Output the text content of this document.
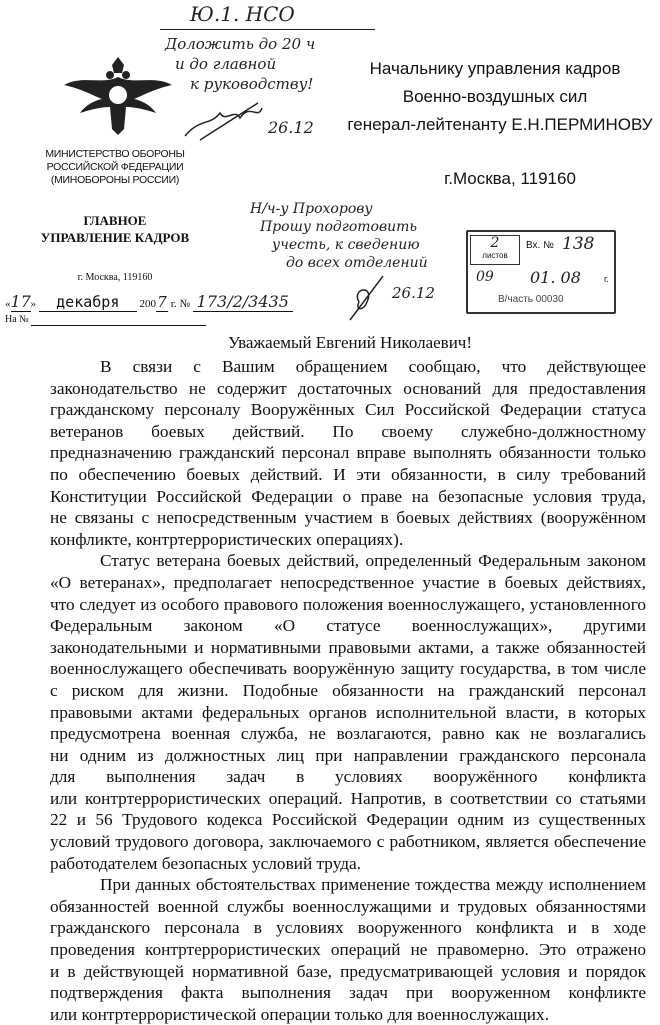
МИНИСТЕРСТВО ОБОРОНЫ
РОССИЙСКОЙ ФЕДЕРАЦИИ
(МИНОБОРОНЫ РОССИИ)
ГЛАВНОЕ
УПРАВЛЕНИЕ КАДРОВ
г. Москва, 119160
«17» декабря 2007 г. № 173/2/3435
На №
Начальнику управления кадров
Военно-воздушных сил
генерал-лейтенанту Е.Н.ПЕРМИНОВУ
г.Москва, 119160
Ю.1. НСО
Доложить до 20 ч
и до главной
к руководству!
26.12
Н/ч-у Прохорову
Прошу подготовить
учесть, к сведению
до всех отделений
26.12
2
листов
Вх. № 138
09 01. 08	г.
В/часть 00030
Уважаемый Евгений Николаевич!
В связи с Вашим обращением сообщаю, что действующее
законодательство не содержит достаточных оснований для предоставления
гражданскому персоналу Вооружённых Сил Российской Федерации статуса
ветеранов боевых действий. По своему служебно-должностному
предназначению гражданский персонал вправе выполнять обязанности только
по обеспечению боевых действий. И эти обязанности, в силу требований
Конституции Российской Федерации о праве на безопасные условия труда,
не связаны с непосредственным участием в боевых действиях (вооружённом
конфликте, контртеррористических операциях).
Статус ветерана боевых действий, определенный Федеральным законом
«О ветеранах», предполагает непосредственное участие в боевых действиях,
что следует из особого правового положения военнослужащего, установленного
Федеральным законом «О статусе военнослужащих», другими
законодательными и нормативными правовыми актами, а также обязанностей
военнослужащего обеспечивать вооружённую защиту государства, в том числе
с риском для жизни. Подобные обязанности на гражданский персонал
правовыми актами федеральных органов исполнительной власти, в которых
предусмотрена военная служба, не возлагаются, равно как не возлагались
ни одним из должностных лиц при направлении гражданского персонала
для выполнения задач в условиях вооружённого конфликта
или контртеррористических операций. Напротив, в соответствии со статьями
22 и 56 Трудового кодекса Российской Федерации одним из существенных
условий трудового договора, заключаемого с работником, является обеспечение
работодателем безопасных условий труда.
При данных обстоятельствах применение тождества между исполнением
обязанностей военной службы военнослужащими и трудовых обязанностями
гражданского персонала в условиях вооруженного конфликта и в ходе
проведения контртеррористических операций не правомерно. Это отражено
и в действующей нормативной базе, предусматривающей условия и порядок
подтверждения факта выполнения задач при вооруженном конфликте
или контртеррористической операции только для военнослужащих.
